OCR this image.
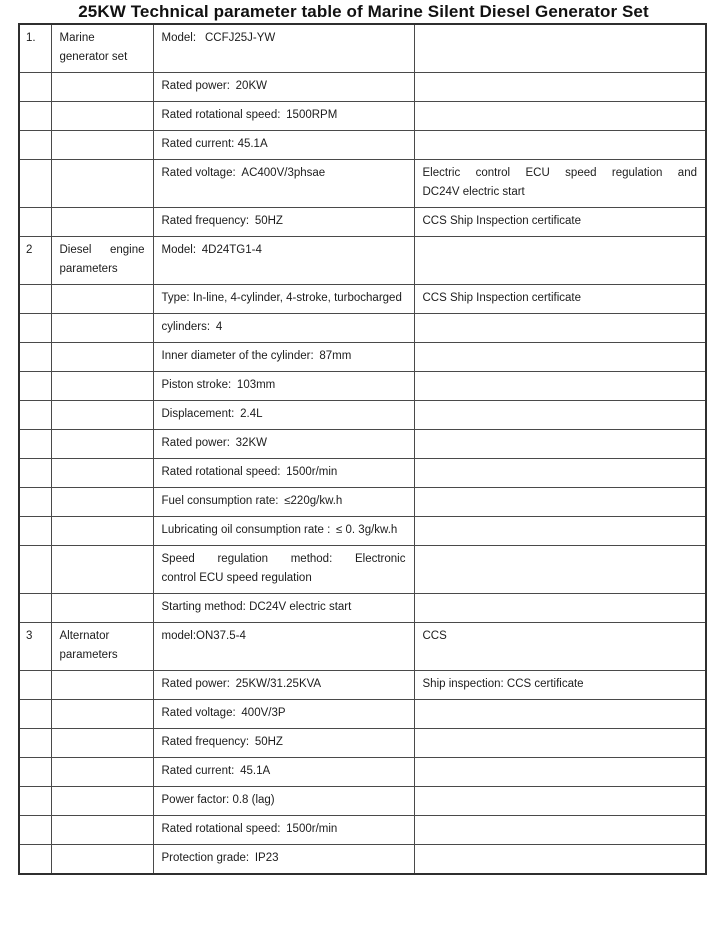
25KW Technical parameter table of Marine Silent Diesel Generator Set
1.	Marine generator set	Model:  CCFJ25J-YW	
		Rated power: 20KW	
		Rated rotational speed: 1500RPM	
		Rated current: 45.1A	
		Rated voltage: AC400V/3phsae	Electric control ECU speed regulation and DC24V electric start
		Rated frequency: 50HZ	CCS Ship Inspection certificate
2	Diesel engine parameters	Model: 4D24TG1-4	
		Type: In-line, 4-cylinder, 4-stroke, turbocharged	CCS Ship Inspection certificate
		cylinders: 4	
		Inner diameter of the cylinder: 87mm	
		Piston stroke: 103mm	
		Displacement: 2.4L	
		Rated power: 32KW	
		Rated rotational speed: 1500r/min	
		Fuel consumption rate: ≤220g/kw.h	
		Lubricating oil consumption rate : ≤ 0. 3g/kw.h	
		Speed regulation method: Electronic control ECU speed regulation	
		Starting method: DC24V electric start	
3	Alternator parameters	model:ON37.5-4	CCS
		Rated power: 25KW/31.25KVA	Ship inspection: CCS certificate
		Rated voltage: 400V/3P	
		Rated frequency: 50HZ	
		Rated current: 45.1A	
		Power factor: 0.8 (lag)	
		Rated rotational speed: 1500r/min	
		Protection grade: IP23	
